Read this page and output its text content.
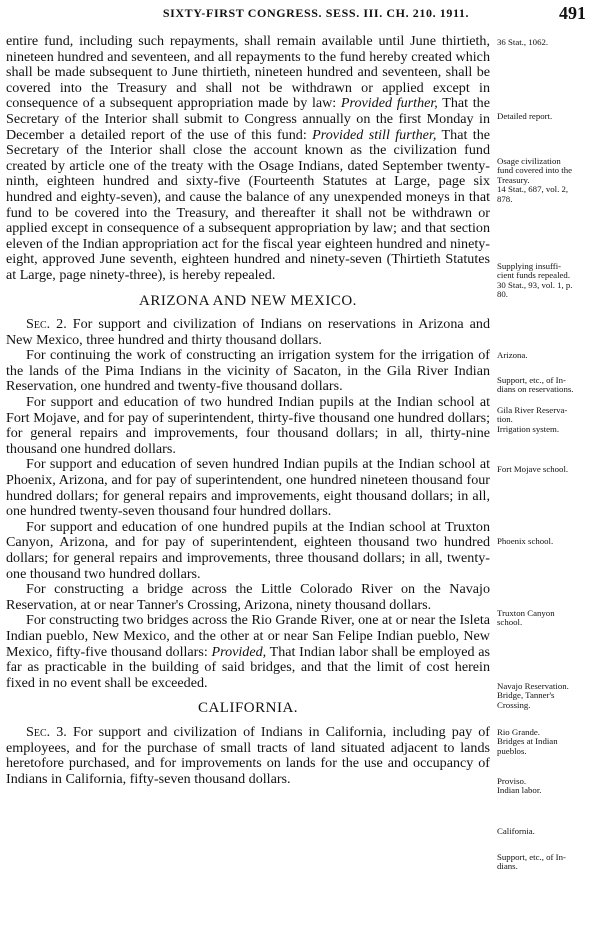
SIXTY-FIRST CONGRESS. SESS. III. CH. 210. 1911.	491

entire fund, including such repayments, shall remain available until June thirtieth, nineteen hundred and seventeen, and all repayments to the fund hereby created which shall be made subsequent to June thirtieth, nineteen hundred and seventeen, shall be covered into the Treasury and shall not be withdrawn or applied except in consequence of a subsequent appropriation made by law: Provided further, That the Secretary of the Interior shall submit to Congress annually on the first Monday in December a detailed report of the use of this fund: Provided still further, That the Secretary of the Interior shall close the account known as the civilization fund created by article one of the treaty with the Osage Indians, dated September twenty-ninth, eighteen hundred and sixty-five (Fourteenth Statutes at Large, page six hundred and eighty-seven), and cause the balance of any unexpended moneys in that fund to be covered into the Treasury, and thereafter it shall not be withdrawn or applied except in consequence of a subsequent appropriation by law; and that section eleven of the Indian appropriation act for the fiscal year eighteen hundred and ninety-eight, approved June seventh, eighteen hundred and ninety-seven (Thirtieth Statutes at Large, page ninety-three), is hereby repealed.

ARIZONA AND NEW MEXICO.

Sec. 2. For support and civilization of Indians on reservations in Arizona and New Mexico, three hundred and thirty thousand dollars.

For continuing the work of constructing an irrigation system for the irrigation of the lands of the Pima Indians in the vicinity of Sacaton, in the Gila River Indian Reservation, one hundred and twenty-five thousand dollars.

For support and education of two hundred Indian pupils at the Indian school at Fort Mojave, and for pay of superintendent, thirty-five thousand one hundred dollars; for general repairs and improvements, four thousand dollars; in all, thirty-nine thousand one hundred dollars.

For support and education of seven hundred Indian pupils at the Indian school at Phoenix, Arizona, and for pay of superintendent, one hundred nineteen thousand four hundred dollars; for general repairs and improvements, eight thousand dollars; in all, one hundred twenty-seven thousand four hundred dollars.

For support and education of one hundred pupils at the Indian school at Truxton Canyon, Arizona, and for pay of superintendent, eighteen thousand two hundred dollars; for general repairs and improvements, three thousand dollars; in all, twenty-one thousand two hundred dollars.

For constructing a bridge across the Little Colorado River on the Navajo Reservation, at or near Tanner's Crossing, Arizona, ninety thousand dollars.

For constructing two bridges across the Rio Grande River, one at or near the Isleta Indian pueblo, New Mexico, and the other at or near San Felipe Indian pueblo, New Mexico, fifty-five thousand dollars: Provided, That Indian labor shall be employed as far as practicable in the building of said bridges, and that the limit of cost herein fixed in no event shall be exceeded.

CALIFORNIA.

Sec. 3. For support and civilization of Indians in California, including pay of employees, and for the purchase of small tracts of land situated adjacent to lands heretofore purchased, and for improvements on lands for the use and occupancy of Indians in California, fifty-seven thousand dollars.

36 Stat., 1062.
Detailed report.
Osage civilization
fund covered into the
Treasury.
14 Stat., 687, vol. 2,
878.
Supplying insuffi-
cient funds repealed.
30 Stat., 93, vol. 1, p.
80.
Arizona.
Support, etc., of In-
dians on reservations.
Gila River Reserva-
tion.
Irrigation system.
Fort Mojave school.
Phoenix school.
Truxton Canyon
school.
Navajo Reservation.
Bridge, Tanner's
Crossing.
Rio Grande.
Bridges at Indian
pueblos.
Proviso.
Indian labor.
California.
Support, etc., of In-
dians.
